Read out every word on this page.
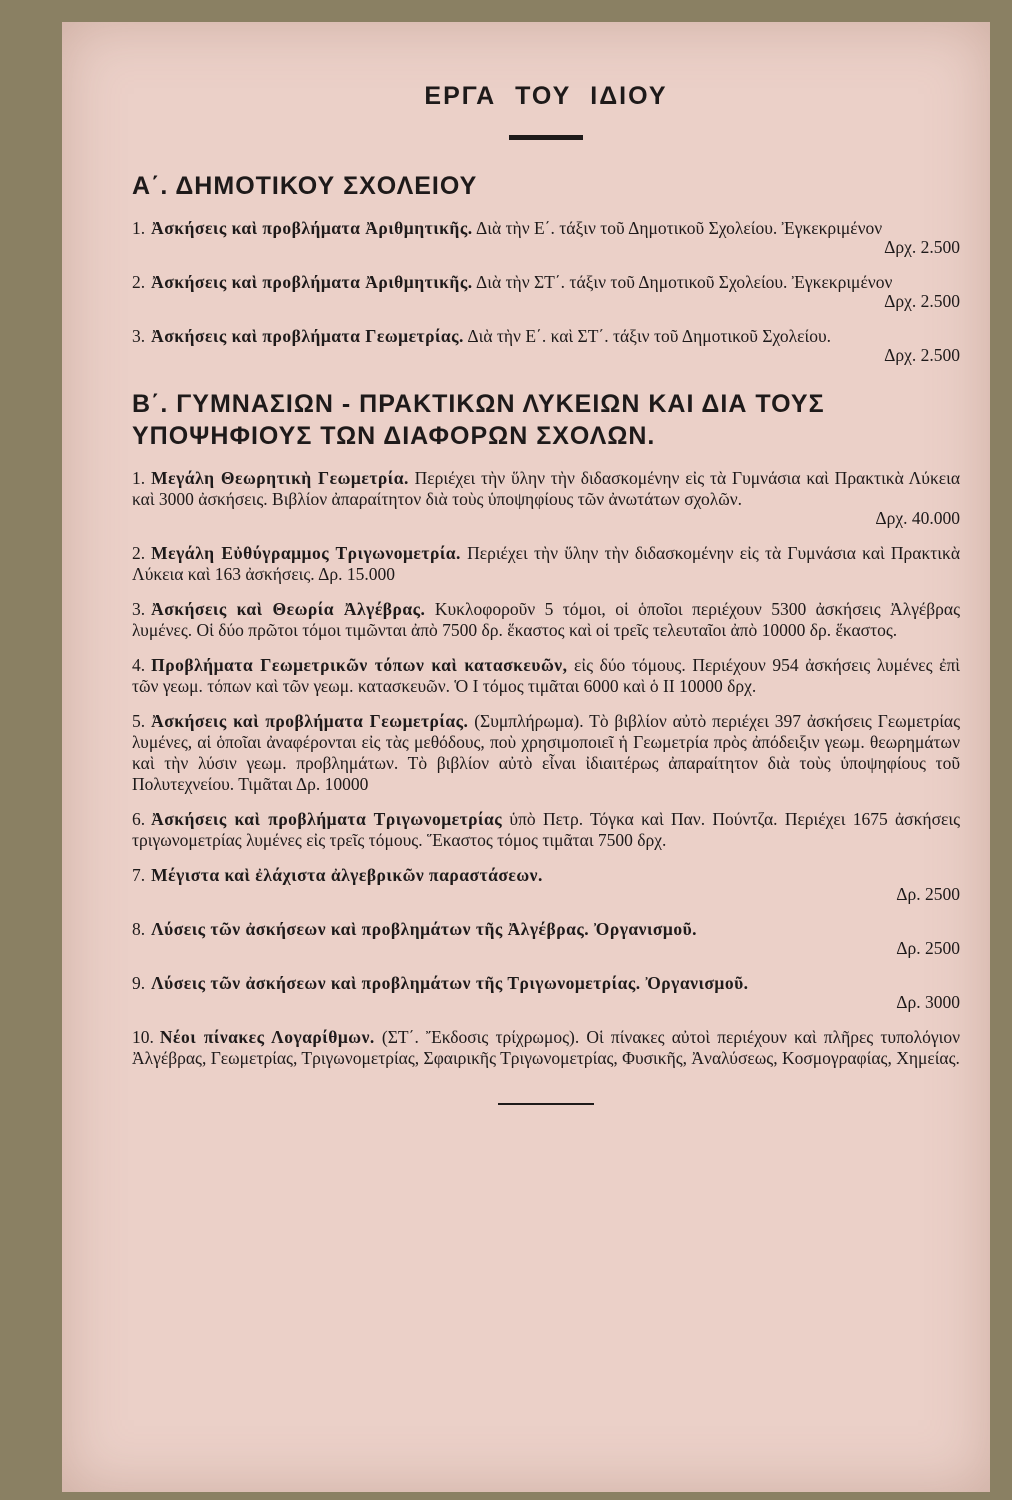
ΕΡΓΑ ΤΟΥ ΙΔΙΟΥ
Α΄. ΔΗΜΟΤΙΚΟΥ ΣΧΟΛΕΙΟΥ
1. Ἀσκήσεις καὶ προβλήματα Ἀριθμητικῆς. Διὰ τὴν Ε΄. τάξιν τοῦ Δημοτικοῦ Σχολείου. Ἐγκεκριμένον
Δρχ. 2.500
2. Ἀσκήσεις καὶ προβλήματα Ἀριθμητικῆς. Διὰ τὴν ΣΤ΄. τάξιν τοῦ Δημοτικοῦ Σχολείου. Ἐγκεκριμένον
Δρχ. 2.500
3. Ἀσκήσεις καὶ προβλήματα Γεωμετρίας. Διὰ τὴν Ε΄. καὶ ΣΤ΄. τάξιν τοῦ Δημοτικοῦ Σχολείου.
Δρχ. 2.500
Β΄. ΓΥΜΝΑΣΙΩΝ - ΠΡΑΚΤΙΚΩΝ ΛΥΚΕΙΩΝ ΚΑΙ ΔΙΑ ΤΟΥΣ ΥΠΟΨΗΦΙΟΥΣ ΤΩΝ ΔΙΑΦΟΡΩΝ ΣΧΟΛΩΝ.
1. Μεγάλη Θεωρητικὴ Γεωμετρία. Περιέχει τὴν ὕλην τὴν διδασκομένην εἰς τὰ Γυμνάσια καὶ Πρακτικὰ Λύκεια καὶ 3000 ἀσκήσεις. Βιβλίον ἀπαραίτητον διὰ τοὺς ὑποψηφίους τῶν ἀνωτάτων σχολῶν.
Δρχ. 40.000
2. Μεγάλη Εὐθύγραμμος Τριγωνομετρία. Περιέχει τὴν ὕλην τὴν διδασκομένην εἰς τὰ Γυμνάσια καὶ Πρακτικὰ Λύκεια καὶ 163 ἀσκήσεις. Δρ. 15.000
3. Ἀσκήσεις καὶ Θεωρία Ἀλγέβρας. Κυκλοφοροῦν 5 τόμοι, οἱ ὁποῖοι περιέχουν 5300 ἀσκήσεις Ἀλγέβρας λυμένες. Οἱ δύο πρῶτοι τόμοι τιμῶνται ἀπὸ 7500 δρ. ἕκαστος καὶ οἱ τρεῖς τελευταῖοι ἀπὸ 10000 δρ. ἕκαστος.
4. Προβλήματα Γεωμετρικῶν τόπων καὶ κατασκευῶν, εἰς δύο τόμους. Περιέχουν 954 ἀσκήσεις λυμένες ἐπὶ τῶν γεωμ. τόπων καὶ τῶν γεωμ. κατασκευῶν. Ὁ Ι τόμος τιμᾶται 6000 καὶ ὁ ΙΙ 10000 δρχ.
5. Ἀσκήσεις καὶ προβλήματα Γεωμετρίας. (Συμπλήρωμα). Τὸ βιβλίον αὐτὸ περιέχει 397 ἀσκήσεις Γεωμετρίας λυμένες, αἱ ὁποῖαι ἀναφέρονται εἰς τὰς μεθόδους, ποὺ χρησιμοποιεῖ ἡ Γεωμετρία πρὸς ἀπόδειξιν γεωμ. θεωρημάτων καὶ τὴν λύσιν γεωμ. προβλημάτων. Τὸ βιβλίον αὐτὸ εἶναι ἰδιαιτέρως ἀπαραίτητον διὰ τοὺς ὑποψηφίους τοῦ Πολυτεχνείου. Τιμᾶται Δρ. 10000
6. Ἀσκήσεις καὶ προβλήματα Τριγωνομετρίας ὑπὸ Πετρ. Τόγκα καὶ Παν. Πούντζα. Περιέχει 1675 ἀσκήσεις τριγωνομετρίας λυμένες εἰς τρεῖς τόμους. Ἕκαστος τόμος τιμᾶται 7500 δρχ.
7. Μέγιστα καὶ ἐλάχιστα ἀλγεβρικῶν παραστάσεων.
Δρ. 2500
8. Λύσεις τῶν ἀσκήσεων καὶ προβλημάτων τῆς Ἀλγέβρας. Ὀργανισμοῦ.
Δρ. 2500
9. Λύσεις τῶν ἀσκήσεων καὶ προβλημάτων τῆς Τριγωνομετρίας. Ὀργανισμοῦ.
Δρ. 3000
10. Νέοι πίνακες Λογαρίθμων. (ΣΤ΄. Ἔκδοσις τρίχρωμος). Οἱ πίνακες αὐτοὶ περιέχουν καὶ πλῆρες τυπολόγιον Ἀλγέβρας, Γεωμετρίας, Τριγωνομετρίας, Σφαιρικῆς Τριγωνομετρίας, Φυσικῆς, Ἀναλύσεως, Κοσμογραφίας, Χημείας.
